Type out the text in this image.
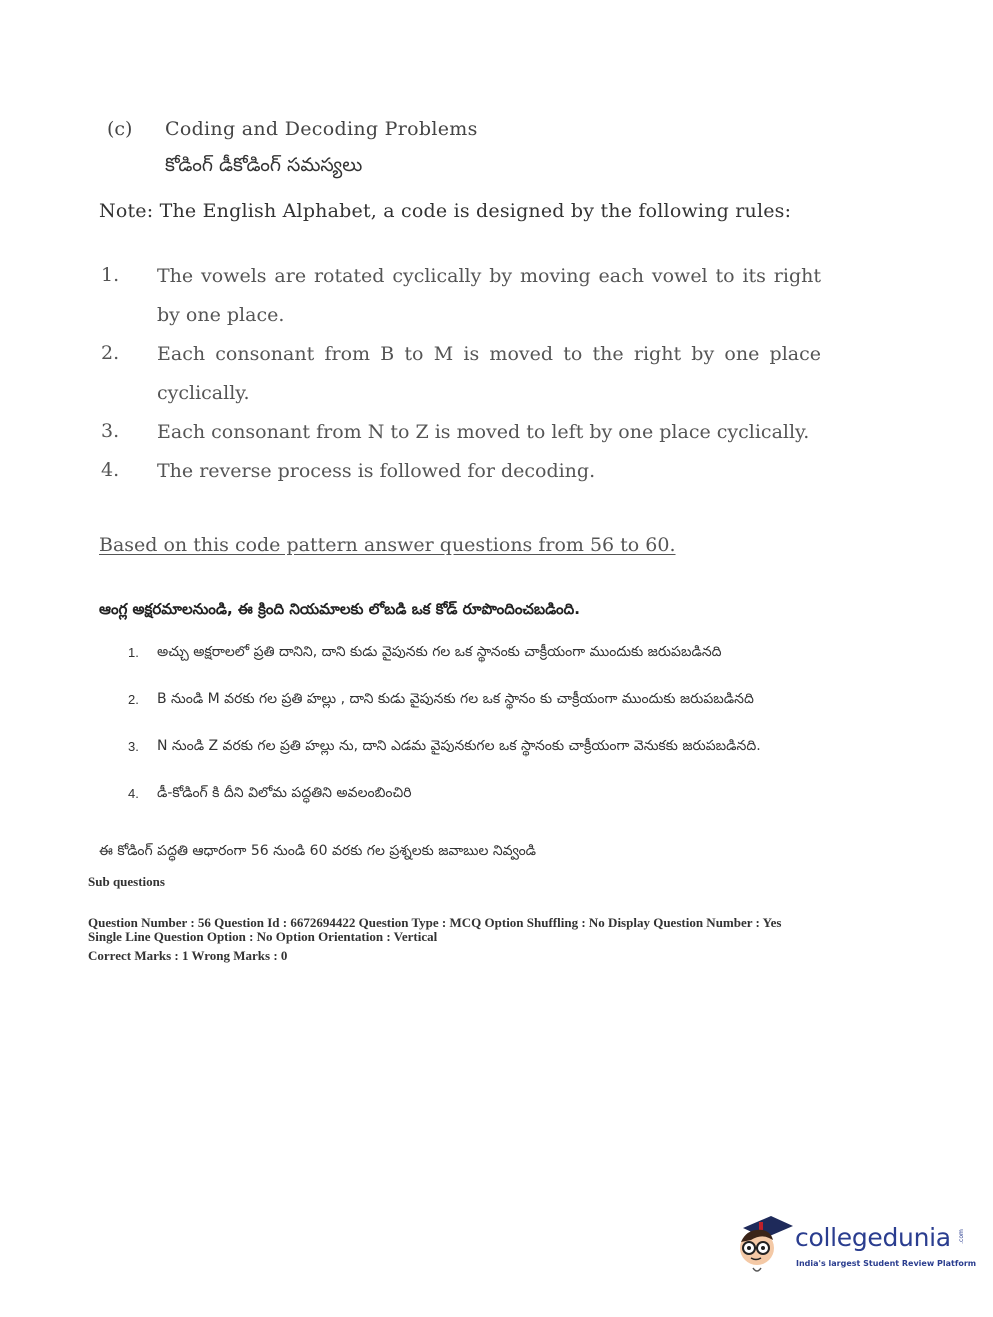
(c) Coding and Decoding Problems
కోడింగ్ డీకోడింగ్ సమస్యలు
Note: The English Alphabet, a code is designed by the following rules:
1. The vowels are rotated cyclically by moving each vowel to its right by one place.
2. Each consonant from B to M is moved to the right by one place cyclically.
3. Each consonant from N to Z is moved to left by one place cyclically.
4. The reverse process is followed for decoding.
Based on this code pattern answer questions from 56 to 60.
ఆంగ్ల అక్షరమాలనుండి, ఈ క్రింది నియమాలకు లోబడి ఒక కోడ్ రూపొందించబడింది.
1. అచ్చు అక్షరాలలో ప్రతి దానిని, దాని కుడు వైపునకు గల ఒక స్థానంకు చాక్రీయంగా ముందుకు జరుపబడినది
2. B నుండి M వరకు గల ప్రతి హల్లు , దాని కుడు వైపునకు గల ఒక స్థానం కు చాక్రీయంగా ముందుకు జరుపబడినది
3. N నుండి Z వరకు గల ప్రతి హల్లు ను, దాని ఎడమ వైపునకుగల ఒక స్థానంకు చాక్రీయంగా వెనుకకు జరుపబడినది.
4. డీ-కోడింగ్ కి దీని విలోమ పద్ధతిని అవలంబించిరి
ఈ కోడింగ్ పద్ధతి ఆధారంగా 56 నుండి 60 వరకు గల ప్రశ్నలకు జవాబుల నివ్వండి
Sub questions
Question Number : 56 Question Id : 6672694422 Question Type : MCQ Option Shuffling : No Display Question Number : Yes
Single Line Question Option : No Option Orientation : Vertical
Correct Marks : 1 Wrong Marks : 0
collegedunia .com
India's largest Student Review Platform
